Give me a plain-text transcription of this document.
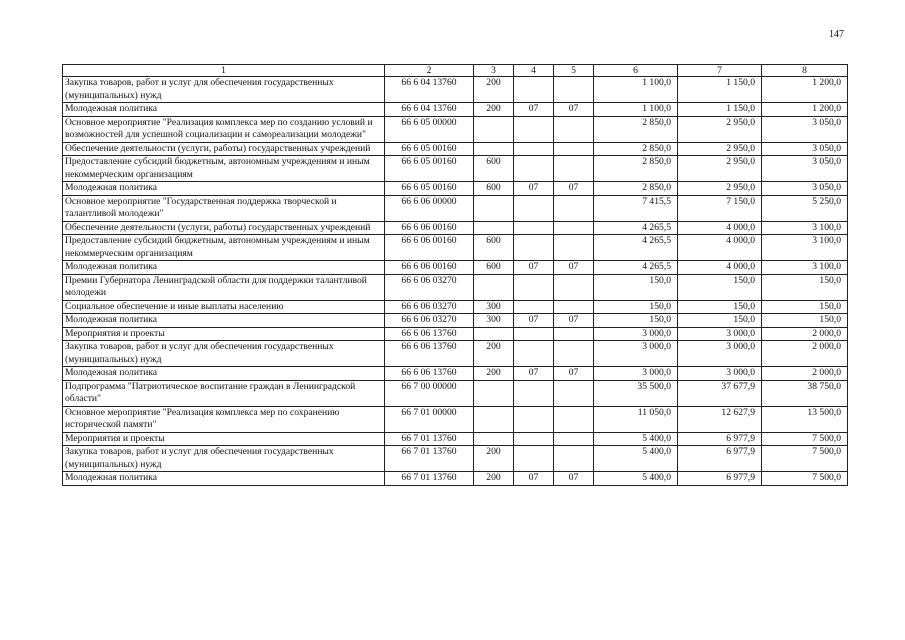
147
1	2	3	4	5	6	7	8
Закупка товаров, работ и услуг для обеспечения государственных (муниципальных) нужд	66 6 04 13760	200			1 100,0	1 150,0	1 200,0
Молодежная политика	66 6 04 13760	200	07	07	1 100,0	1 150,0	1 200,0
Основное мероприятие "Реализация комплекса мер по созданию условий и возможностей для успешной социализации и самореализации молодежи"	66 6 05 00000				2 850,0	2 950,0	3 050,0
Обеспечение деятельности (услуги, работы) государственных учреждений	66 6 05 00160				2 850,0	2 950,0	3 050,0
Предоставление субсидий бюджетным, автономным учреждениям и иным некоммерческим организациям	66 6 05 00160	600			2 850,0	2 950,0	3 050,0
Молодежная политика	66 6 05 00160	600	07	07	2 850,0	2 950,0	3 050,0
Основное мероприятие "Государственная поддержка творческой и талантливой молодежи"	66 6 06 00000				7 415,5	7 150,0	5 250,0
Обеспечение деятельности (услуги, работы) государственных учреждений	66 6 06 00160				4 265,5	4 000,0	3 100,0
Предоставление субсидий бюджетным, автономным учреждениям и иным некоммерческим организациям	66 6 06 00160	600			4 265,5	4 000,0	3 100,0
Молодежная политика	66 6 06 00160	600	07	07	4 265,5	4 000,0	3 100,0
Премии Губернатора Ленинградской области для поддержки талантливой молодежи	66 6 06 03270				150,0	150,0	150,0
Социальное обеспечение и иные выплаты населению	66 6 06 03270	300			150,0	150,0	150,0
Молодежная политика	66 6 06 03270	300	07	07	150,0	150,0	150,0
Мероприятия и проекты	66 6 06 13760				3 000,0	3 000,0	2 000,0
Закупка товаров, работ и услуг для обеспечения государственных (муниципальных) нужд	66 6 06 13760	200			3 000,0	3 000,0	2 000,0
Молодежная политика	66 6 06 13760	200	07	07	3 000,0	3 000,0	2 000,0
Подпрограмма "Патриотическое воспитание граждан в Ленинградской области"	66 7 00 00000				35 500,0	37 677,9	38 750,0
Основное мероприятие "Реализация комплекса мер по сохранению исторической памяти"	66 7 01 00000				11 050,0	12 627,9	13 500,0
Мероприятия и проекты	66 7 01 13760				5 400,0	6 977,9	7 500,0
Закупка товаров, работ и услуг для обеспечения государственных (муниципальных) нужд	66 7 01 13760	200			5 400,0	6 977,9	7 500,0
Молодежная политика	66 7 01 13760	200	07	07	5 400,0	6 977,9	7 500,0
